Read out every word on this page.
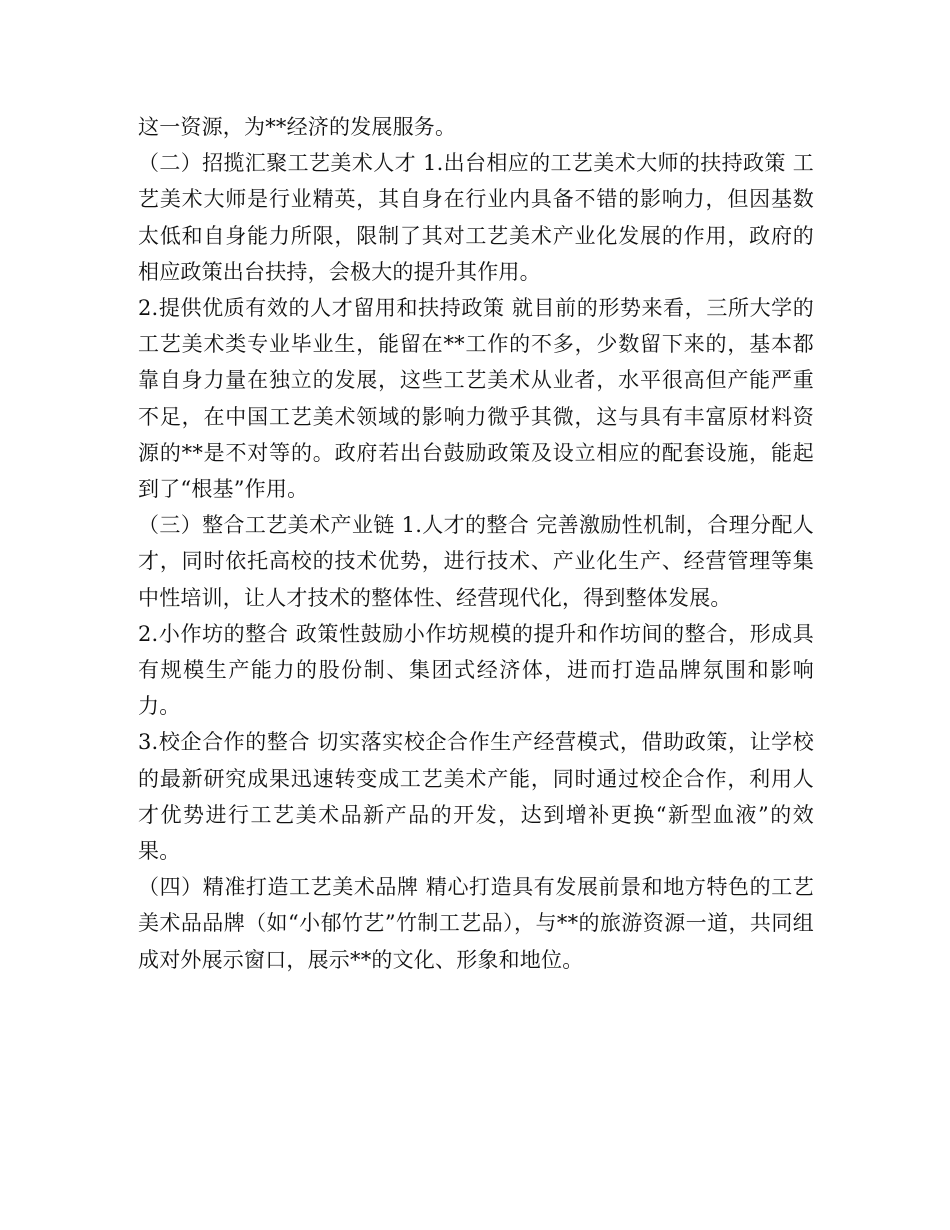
这一资源，为**经济的发展服务。

（二）招揽汇聚工艺美术人才 1.出台相应的工艺美术大师的扶持政策 工艺美术大师是行业精英，其自身在行业内具备不错的影响力，但因基数太低和自身能力所限，限制了其对工艺美术产业化发展的作用，政府的相应政策出台扶持，会极大的提升其作用。

2.提供优质有效的人才留用和扶持政策 就目前的形势来看，三所大学的工艺美术类专业毕业生，能留在**工作的不多，少数留下来的，基本都靠自身力量在独立的发展，这些工艺美术从业者，水平很高但产能严重不足，在中国工艺美术领域的影响力微乎其微，这与具有丰富原材料资源的**是不对等的。政府若出台鼓励政策及设立相应的配套设施，能起到了“根基”作用。

（三）整合工艺美术产业链 1.人才的整合 完善激励性机制，合理分配人才，同时依托高校的技术优势，进行技术、产业化生产、经营管理等集中性培训，让人才技术的整体性、经营现代化，得到整体发展。

2.小作坊的整合 政策性鼓励小作坊规模的提升和作坊间的整合，形成具有规模生产能力的股份制、集团式经济体，进而打造品牌氛围和影响力。

3.校企合作的整合 切实落实校企合作生产经营模式，借助政策，让学校的最新研究成果迅速转变成工艺美术产能，同时通过校企合作，利用人才优势进行工艺美术品新产品的开发，达到增补更换“新型血液”的效果。

（四）精准打造工艺美术品牌 精心打造具有发展前景和地方特色的工艺美术品品牌（如“小郁竹艺”竹制工艺品），与**的旅游资源一道，共同组成对外展示窗口，展示**的文化、形象和地位。
